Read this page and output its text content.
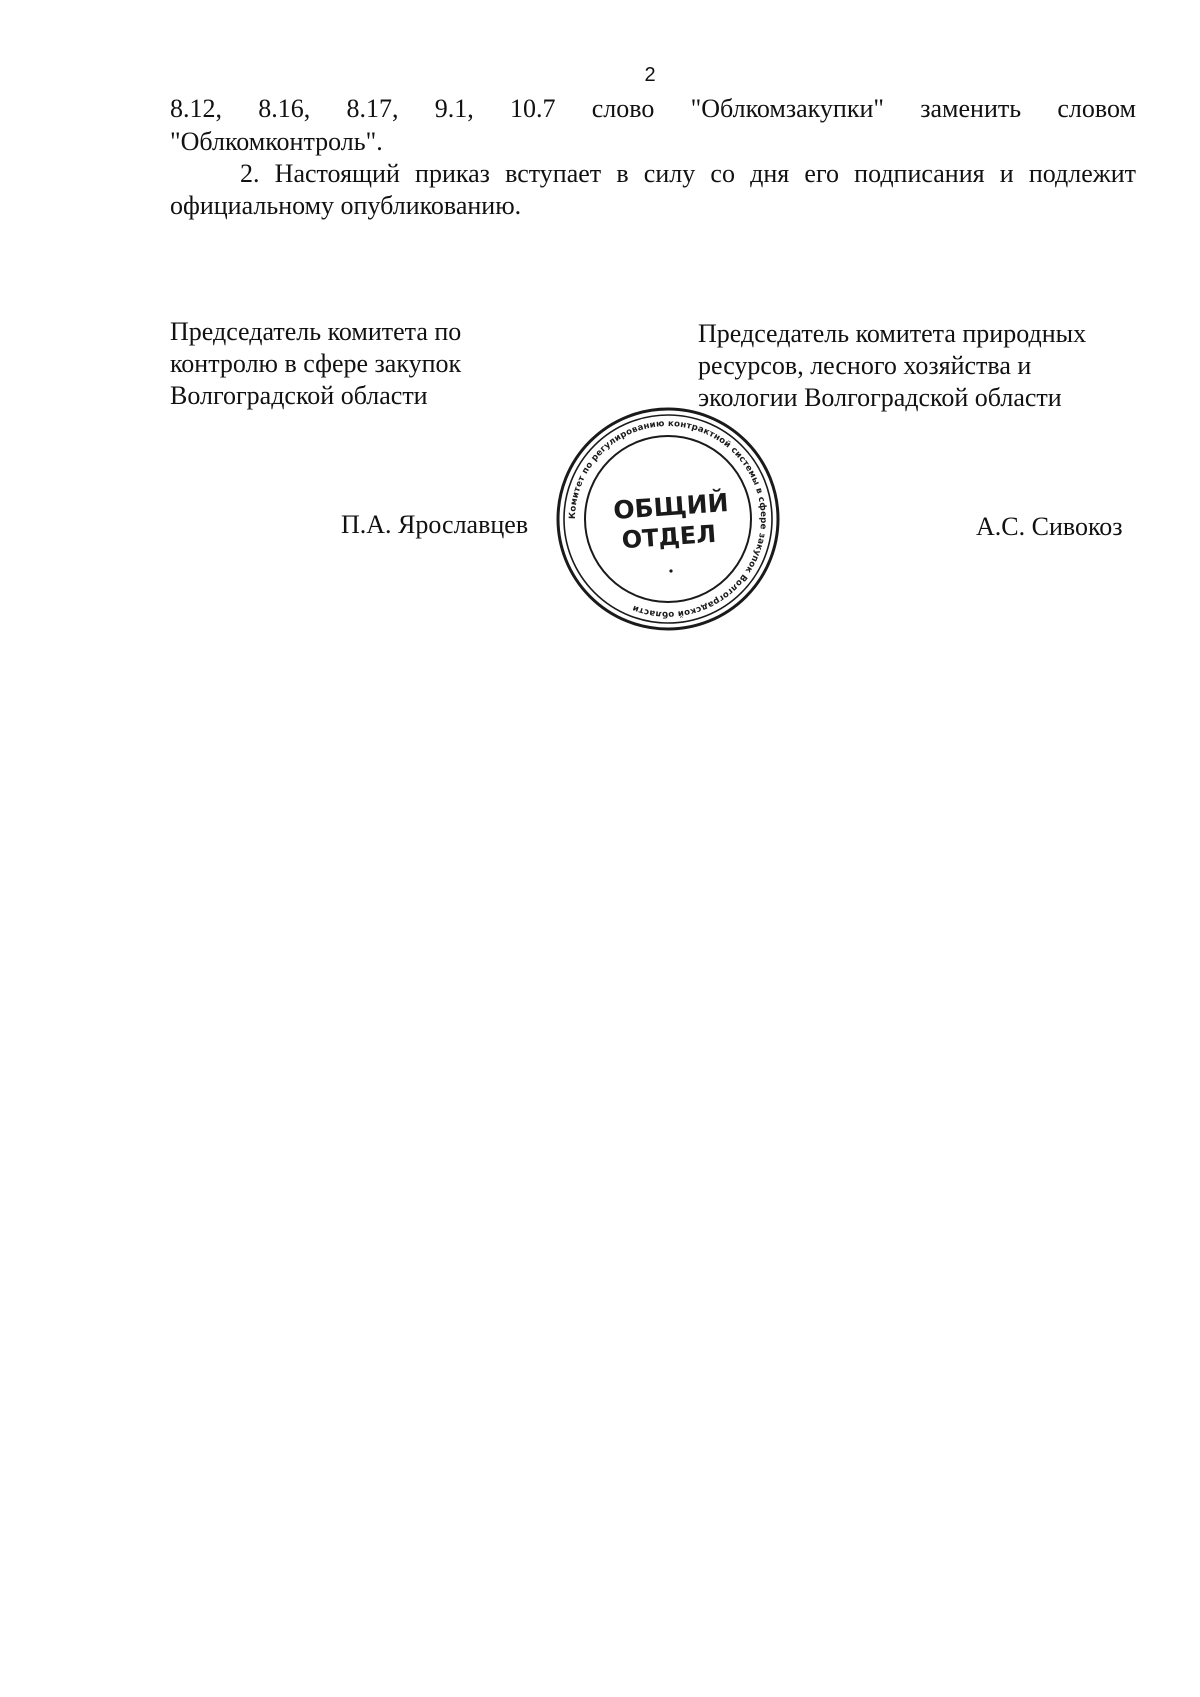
2
8.12, 8.16, 8.17, 9.1, 10.7 слово "Облкомзакупки" заменить словом
"Облкомконтроль".
2. Настоящий приказ вступает в силу со дня его подписания и подлежит официальному опубликованию.
Председатель комитета по
контролю в сфере закупок
Волгоградской области
Председатель комитета природных
ресурсов, лесного хозяйства и
экологии Волгоградской области
П.А. Ярославцев	А.С. Сивокоз
Комитет по регулированию контрактной системы в сфере закупок Волгоградской области
ОБЩИЙ
ОТДЕЛ
